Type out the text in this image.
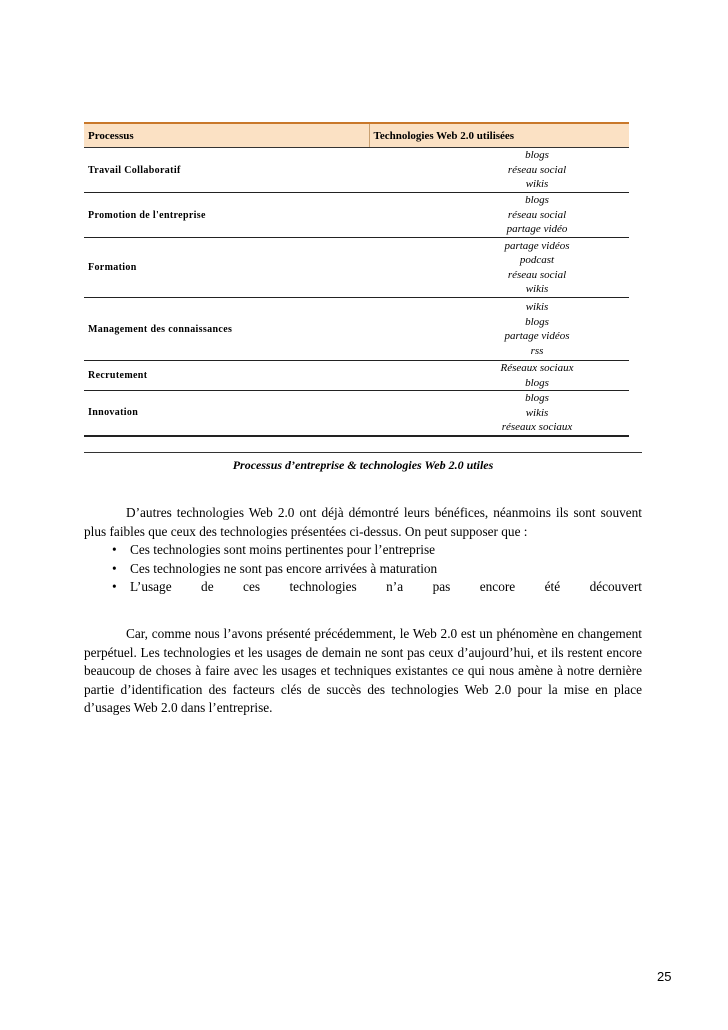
Processus	Technologies Web 2.0 utilisées
Travail Collaboratif	blogs
réseau social
wikis

Promotion de l'entreprise	blogs
réseau social
partage vidéo

Formation	partage vidéos
podcast
réseau social
wikis

Management des connaissances	wikis
blogs
partage vidéos
rss

Recrutement	Réseaux sociaux
blogs

Innovation	blogs
wikis
réseaux sociaux
Processus d’entreprise & technologies Web 2.0 utiles
D’autres technologies Web 2.0 ont déjà démontré leurs bénéfices, néanmoins ils sont souvent plus faibles que ceux des technologies présentées ci-dessus. On peut supposer que :
• Ces technologies sont moins pertinentes pour l’entreprise
• Ces technologies ne sont pas encore arrivées à maturation
• L’usage de ces technologies n’a pas encore été découvert
Car, comme nous l’avons présenté précédemment, le Web 2.0 est un phénomène en changement perpétuel. Les technologies et les usages de demain ne sont pas ceux d’aujourd’hui, et ils restent encore beaucoup de choses à faire avec les usages et techniques existantes ce qui nous amène à notre dernière partie d’identification des facteurs clés de succès des technologies Web 2.0 pour la mise en place d’usages Web 2.0 dans l’entreprise.
25
